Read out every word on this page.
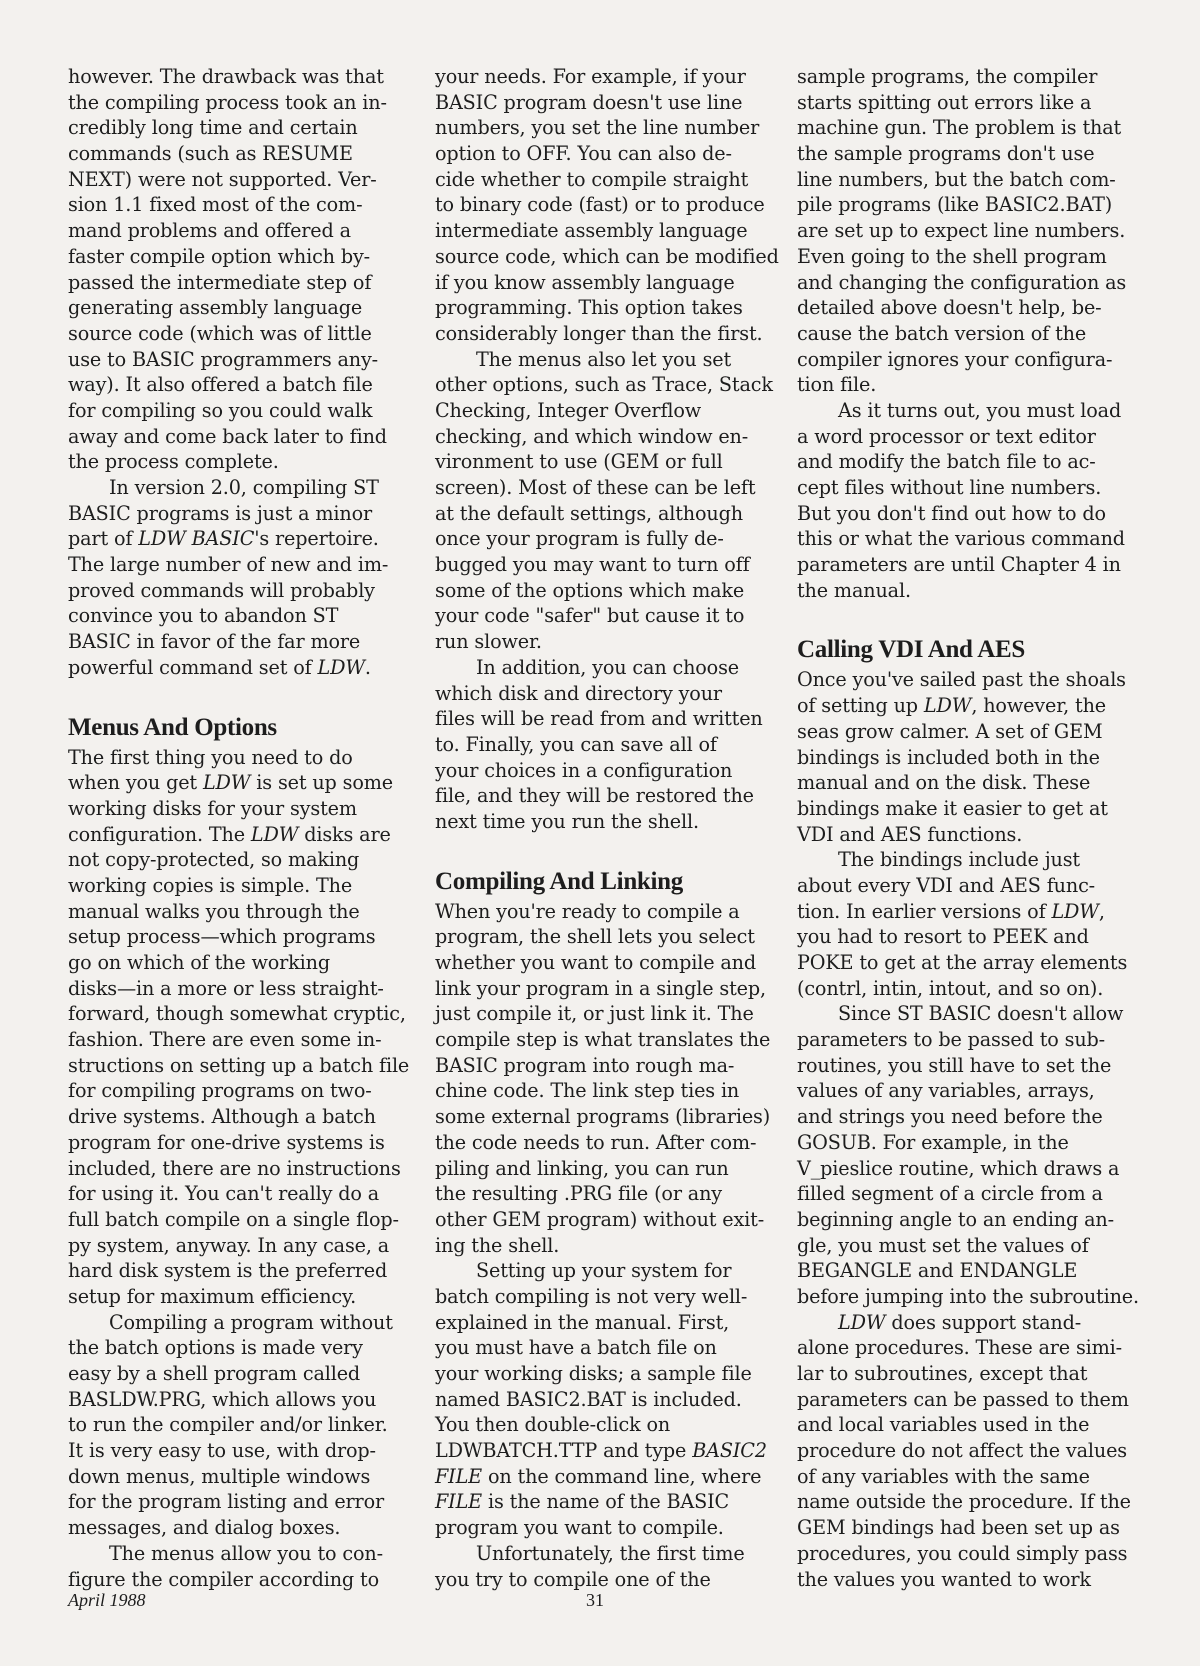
however. The drawback was that
the compiling process took an in-
credibly long time and certain
commands (such as RESUME
NEXT) were not supported. Ver-
sion 1.1 fixed most of the com-
mand problems and offered a
faster compile option which by-
passed the intermediate step of
generating assembly language
source code (which was of little
use to BASIC programmers any-
way). It also offered a batch file
for compiling so you could walk
away and come back later to find
the process complete.
In version 2.0, compiling ST
BASIC programs is just a minor
part of LDW BASIC's repertoire.
The large number of new and im-
proved commands will probably
convince you to abandon ST
BASIC in favor of the far more
powerful command set of LDW.
Menus And Options
The first thing you need to do
when you get LDW is set up some
working disks for your system
configuration. The LDW disks are
not copy-protected, so making
working copies is simple. The
manual walks you through the
setup process—which programs
go on which of the working
disks—in a more or less straight-
forward, though somewhat cryptic,
fashion. There are even some in-
structions on setting up a batch file
for compiling programs on two-
drive systems. Although a batch
program for one-drive systems is
included, there are no instructions
for using it. You can't really do a
full batch compile on a single flop-
py system, anyway. In any case, a
hard disk system is the preferred
setup for maximum efficiency.
Compiling a program without
the batch options is made very
easy by a shell program called
BASLDW.PRG, which allows you
to run the compiler and/or linker.
It is very easy to use, with drop-
down menus, multiple windows
for the program listing and error
messages, and dialog boxes.
The menus allow you to con-
figure the compiler according to
your needs. For example, if your
BASIC program doesn't use line
numbers, you set the line number
option to OFF. You can also de-
cide whether to compile straight
to binary code (fast) or to produce
intermediate assembly language
source code, which can be modified
if you know assembly language
programming. This option takes
considerably longer than the first.
The menus also let you set
other options, such as Trace, Stack
Checking, Integer Overflow
checking, and which window en-
vironment to use (GEM or full
screen). Most of these can be left
at the default settings, although
once your program is fully de-
bugged you may want to turn off
some of the options which make
your code "safer" but cause it to
run slower.
In addition, you can choose
which disk and directory your
files will be read from and written
to. Finally, you can save all of
your choices in a configuration
file, and they will be restored the
next time you run the shell.
Compiling And Linking
When you're ready to compile a
program, the shell lets you select
whether you want to compile and
link your program in a single step,
just compile it, or just link it. The
compile step is what translates the
BASIC program into rough ma-
chine code. The link step ties in
some external programs (libraries)
the code needs to run. After com-
piling and linking, you can run
the resulting .PRG file (or any
other GEM program) without exit-
ing the shell.
Setting up your system for
batch compiling is not very well-
explained in the manual. First,
you must have a batch file on
your working disks; a sample file
named BASIC2.BAT is included.
You then double-click on
LDWBATCH.TTP and type BASIC2
FILE on the command line, where
FILE is the name of the BASIC
program you want to compile.
Unfortunately, the first time
you try to compile one of the
sample programs, the compiler
starts spitting out errors like a
machine gun. The problem is that
the sample programs don't use
line numbers, but the batch com-
pile programs (like BASIC2.BAT)
are set up to expect line numbers.
Even going to the shell program
and changing the configuration as
detailed above doesn't help, be-
cause the batch version of the
compiler ignores your configura-
tion file.
As it turns out, you must load
a word processor or text editor
and modify the batch file to ac-
cept files without line numbers.
But you don't find out how to do
this or what the various command
parameters are until Chapter 4 in
the manual.
Calling VDI And AES
Once you've sailed past the shoals
of setting up LDW, however, the
seas grow calmer. A set of GEM
bindings is included both in the
manual and on the disk. These
bindings make it easier to get at
VDI and AES functions.
The bindings include just
about every VDI and AES func-
tion. In earlier versions of LDW,
you had to resort to PEEK and
POKE to get at the array elements
(contrl, intin, intout, and so on).
Since ST BASIC doesn't allow
parameters to be passed to sub-
routines, you still have to set the
values of any variables, arrays,
and strings you need before the
GOSUB. For example, in the
V_pieslice routine, which draws a
filled segment of a circle from a
beginning angle to an ending an-
gle, you must set the values of
BEGANGLE and ENDANGLE
before jumping into the subroutine.
LDW does support stand-
alone procedures. These are simi-
lar to subroutines, except that
parameters can be passed to them
and local variables used in the
procedure do not affect the values
of any variables with the same
name outside the procedure. If the
GEM bindings had been set up as
procedures, you could simply pass
the values you wanted to work
April 1988	31
